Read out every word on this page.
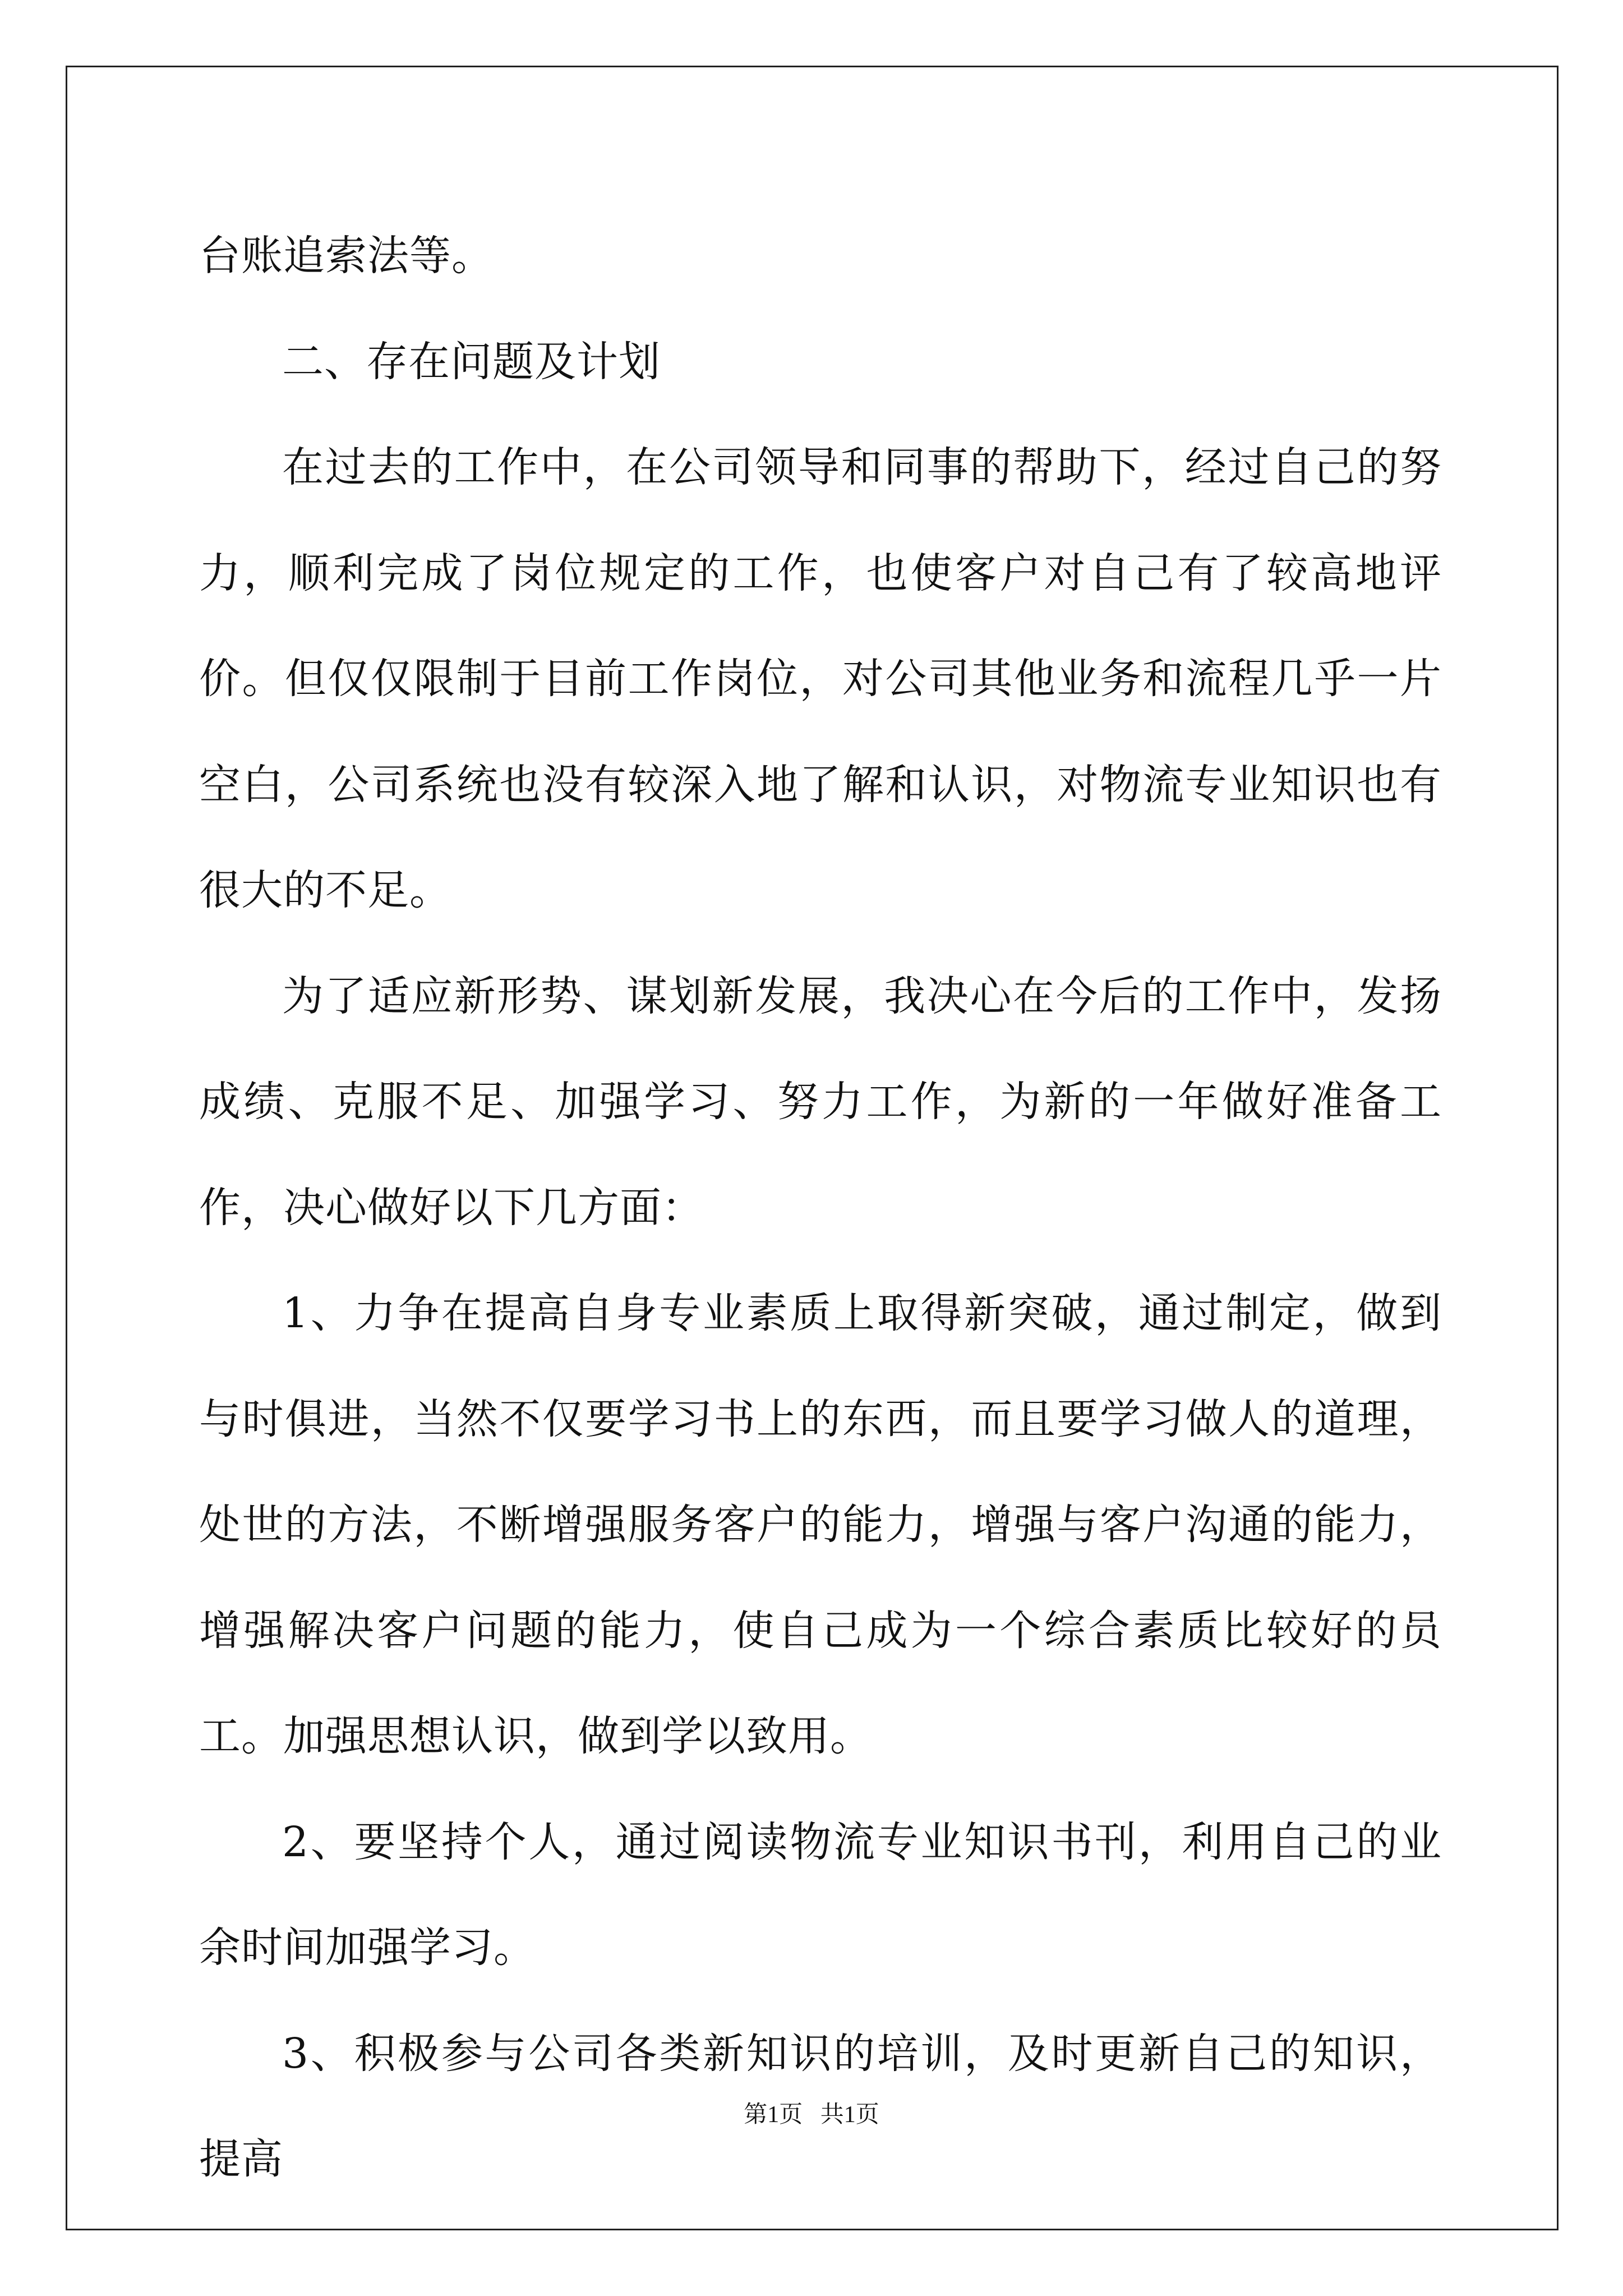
台账追索法等。

二、存在问题及计划

在过去的工作中，在公司领导和同事的帮助下，经过自己的努力，顺利完成了岗位规定的工作，也使客户对自己有了较高地评价。但仅仅限制于目前工作岗位，对公司其他业务和流程几乎一片空白，公司系统也没有较深入地了解和认识，对物流专业知识也有很大的不足。

为了适应新形势、谋划新发展，我决心在今后的工作中，发扬成绩、克服不足、加强学习、努力工作，为新的一年做好准备工作，决心做好以下几方面：

1、力争在提高自身专业素质上取得新突破，通过制定，做到与时俱进，当然不仅要学习书上的东西，而且要学习做人的道理，处世的方法，不断增强服务客户的能力，增强与客户沟通的能力，增强解决客户问题的能力，使自己成为一个综合素质比较好的员工。加强思想认识，做到学以致用。

2、要坚持个人，通过阅读物流专业知识书刊，利用自己的业余时间加强学习。

3、积极参与公司各类新知识的培训，及时更新自己的知识，提高

第1页   共1页
